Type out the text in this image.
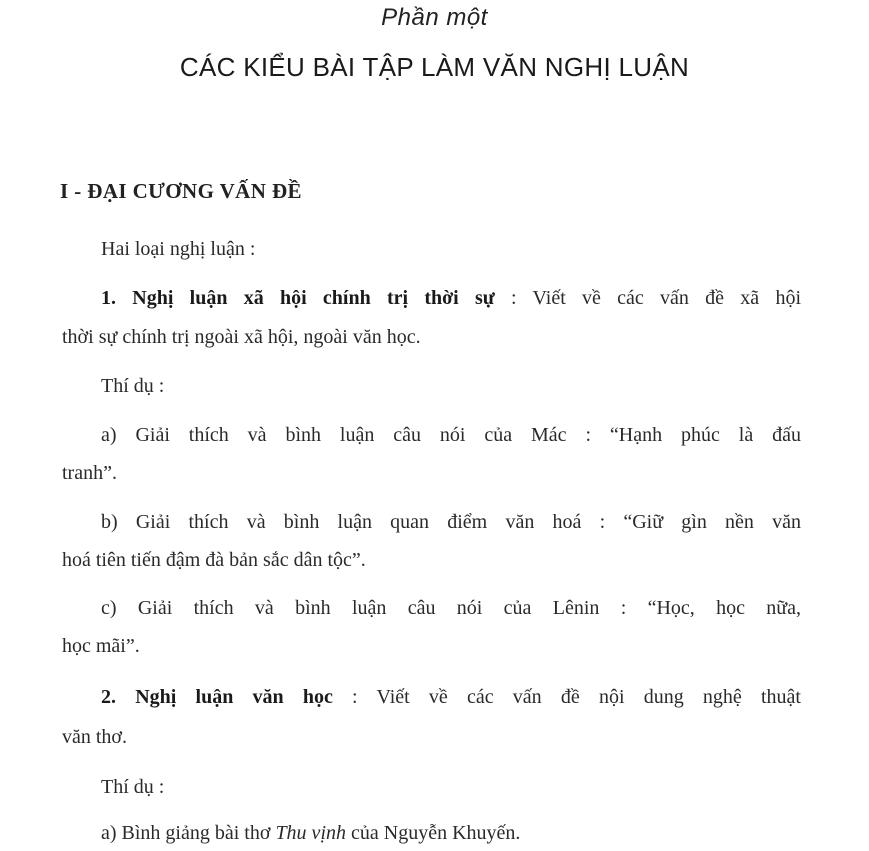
Phần một
CÁC KIỂU BÀI TẬP LÀM VĂN NGHỊ LUẬN
I - ĐẠI CƯƠNG VẤN ĐỀ
Hai loại nghị luận :
1. Nghị luận xã hội chính trị thời sự : Viết về các vấn đề xã hội
thời sự chính trị ngoài xã hội, ngoài văn học.
Thí dụ :
a) Giải thích và bình luận câu nói của Mác : “Hạnh phúc là đấu
tranh”.
b) Giải thích và bình luận quan điểm văn hoá : “Giữ gìn nền văn
hoá tiên tiến đậm đà bản sắc dân tộc”.
c) Giải thích và bình luận câu nói của Lênin : “Học, học nữa,
học mãi”.
2. Nghị luận văn học : Viết về các vấn đề nội dung nghệ thuật
văn thơ.
Thí dụ :
a) Bình giảng bài thơ Thu vịnh của Nguyễn Khuyến.
